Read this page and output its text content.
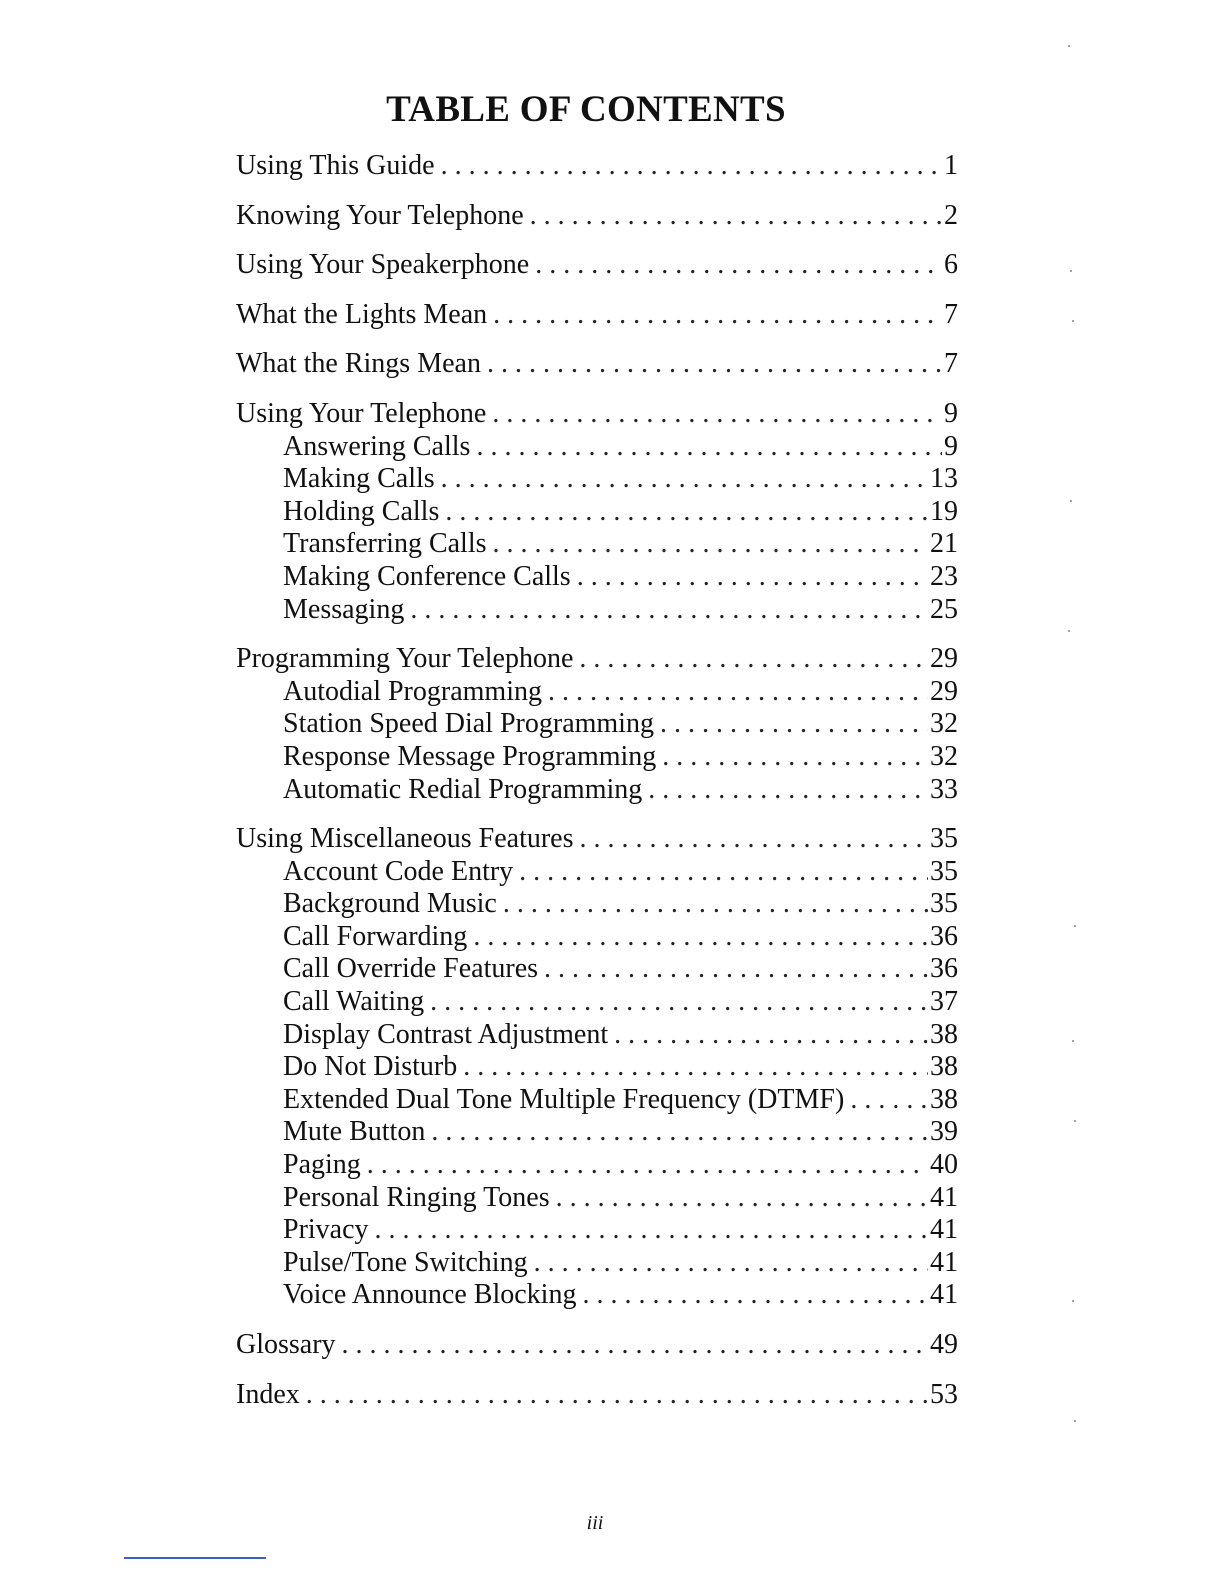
TABLE OF CONTENTS
Using This Guide . . .	1
Knowing Your Telephone . . .	2
Using Your Speakerphone . . .	6
What the Lights Mean . . .	7
What the Rings Mean . . .	7
Using Your Telephone . . .	9
Answering Calls . . .	9
Making Calls . . .	13
Holding Calls . . .	19
Transferring Calls . . .	21
Making Conference Calls . . .	23
Messaging . . .	25
Programming Your Telephone . . .	29
Autodial Programming . . .	29
Station Speed Dial Programming . . .	32
Response Message Programming . . .	32
Automatic Redial Programming . . .	33
Using Miscellaneous Features . . .	35
Account Code Entry . . .	35
Background Music . . .	35
Call Forwarding . . .	36
Call Override Features . . .	36
Call Waiting . . .	37
Display Contrast Adjustment . . .	38
Do Not Disturb . . .	38
Extended Dual Tone Multiple Frequency (DTMF) . . .	38
Mute Button . . .	39
Paging . . .	40
Personal Ringing Tones . . .	41
Privacy . . .	41
Pulse/Tone Switching . . .	41
Voice Announce Blocking . . .	41
Glossary . . .	49
Index . . .	53
iii
